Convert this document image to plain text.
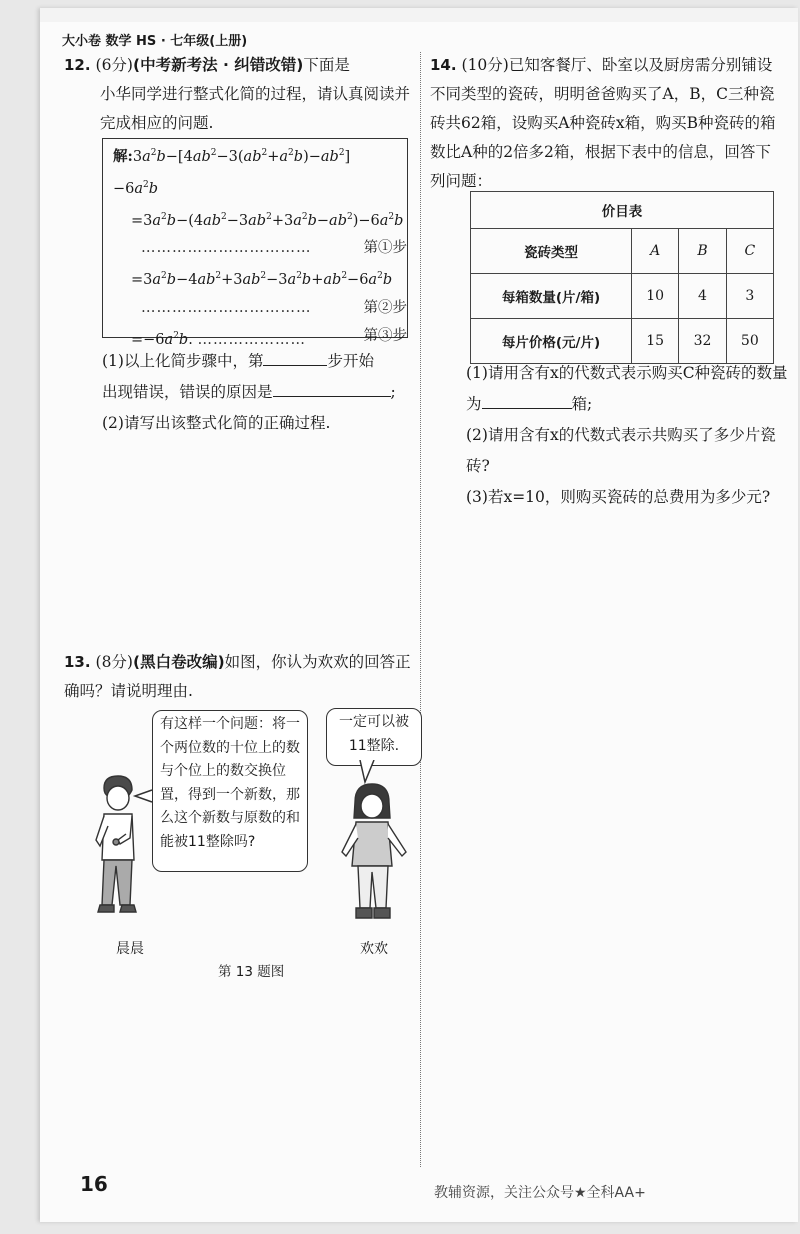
大小卷 数学 HS · 七年级(上册)
12. (6分)(中考新考法 · 纠错改错)下面是
小华同学进行整式化简的过程，请认真阅读并完成相应的问题.
解$:3a^2b-[4ab^2-3(ab^2+a^2b)-ab^2]$
$-6a^2b$
$=3a^2b-(4ab^2-3ab^2+3a^2b-ab^2)-6a^2b$
……………………………	第①步
$=3a^2b-4ab^2+3ab^2-3a^2b+ab^2-6a^2b$
……………………………	第②步
$=-6a^2b$. …………………	第③步
(1)以上化简步骤中，第	步开始
出现错误，错误的原因是	;
(2)请写出该整式化简的正确过程.
13. (8分)(黑白卷改编)如图，你认为欢欢的回答正确吗？请说明理由.
有这样一个问题：将一个两位数的十位上的数与个位上的数交换位置，得到一个新数，那么这个新数与原数的和能被11整除吗?
一定可以被11整除.
晨晨	欢欢
第 13 题图
14. (10分)已知客餐厅、卧室以及厨房需分别铺设不同类型的瓷砖，明明爸爸购买了A，B，C三种瓷砖共62箱，设购买A种瓷砖x箱，购买B种瓷砖的箱数比A种的2倍多2箱，根据下表中的信息，回答下列问题：
价目表			
瓷砖类型	A	B	C
每箱数量(片/箱)	10	4	3
每片价格(元/片)	15	32	50
(1)请用含有x的代数式表示购买C种瓷砖的数量为	箱;
(2)请用含有x的代数式表示共购买了多少片瓷砖?
(3)若x=10，则购买瓷砖的总费用为多少元?
16	教辅资源，关注公众号★全科AA+
